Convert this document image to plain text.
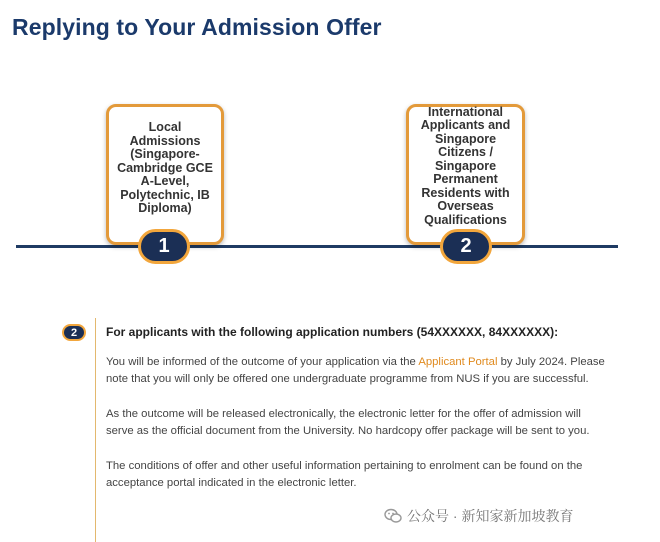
Replying to Your Admission Offer
Local Admissions (Singapore-Cambridge GCE A-Level, Polytechnic, IB Diploma)
1
International Applicants and Singapore Citizens / Singapore Permanent Residents with Overseas Qualifications
2
2	For applicants with the following application numbers (54XXXXXX, 84XXXXXX):

You will be informed of the outcome of your application via the Applicant Portal by July 2024. Please note that you will only be offered one undergraduate programme from NUS if you are successful.

As the outcome will be released electronically, the electronic letter for the offer of admission will serve as the official document from the University. No hardcopy offer package will be sent to you.

The conditions of offer and other useful information pertaining to enrolment can be found on the acceptance portal indicated in the electronic letter.

公众号 · 新知家新加坡教育
